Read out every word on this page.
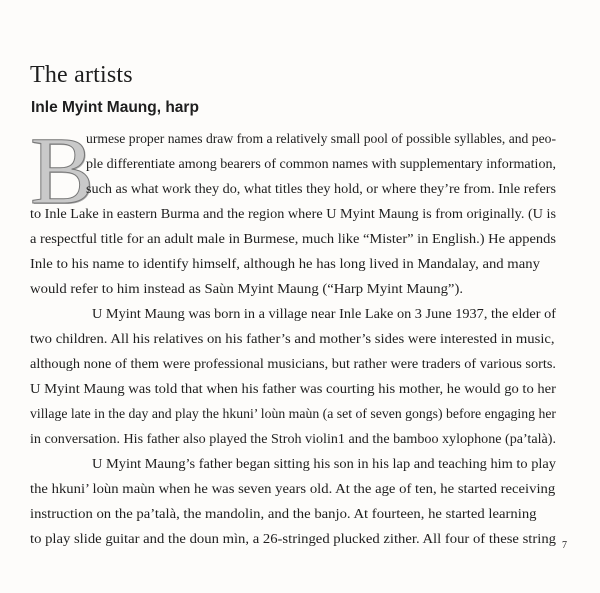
The artists
Inle Myint Maung, harp
B
urmese proper names draw from a relatively small pool of possible syllables, and peo-
ple differentiate among bearers of common names with supplementary information,
such as what work they do, what titles they hold, or where they’re from. Inle refers
to Inle Lake in eastern Burma and the region where U Myint Maung is from originally. (U is
a respectful title for an adult male in Burmese, much like “Mister” in English.) He appends
Inle to his name to identify himself, although he has long lived in Mandalay, and many
would refer to him instead as Saùn Myint Maung (“Harp Myint Maung”).
U Myint Maung was born in a village near Inle Lake on 3 June 1937, the elder of
two children. All his relatives on his father’s and mother’s sides were interested in music,
although none of them were professional musicians, but rather were traders of various sorts.
U Myint Maung was told that when his father was courting his mother, he would go to her
village late in the day and play the hkuni’ loùn maùn (a set of seven gongs) before engaging her
in conversation. His father also played the Stroh violin1 and the bamboo xylophone (pa’talà).
U Myint Maung’s father began sitting his son in his lap and teaching him to play
the hkuni’ loùn maùn when he was seven years old. At the age of ten, he started receiving
instruction on the pa’talà, the mandolin, and the banjo. At fourteen, he started learning
to play slide guitar and the doun mìn, a 26-stringed plucked zither. All four of these string 7
